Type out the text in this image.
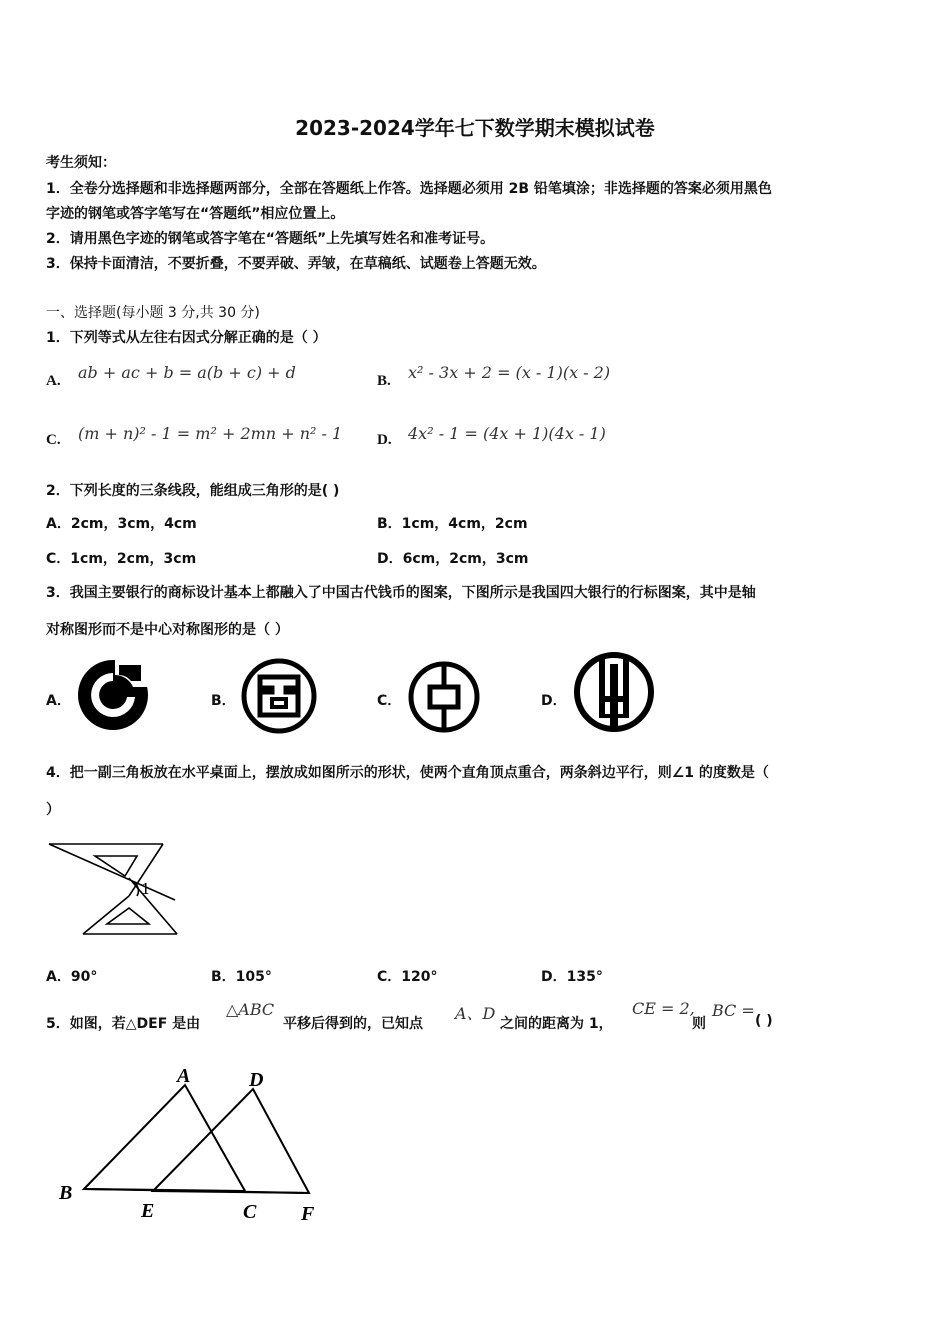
2023-2024学年七下数学期末模拟试卷
考生须知：
1．全卷分选择题和非选择题两部分，全部在答题纸上作答。选择题必须用 2B 铅笔填涂；非选择题的答案必须用黑色
字迹的钢笔或答字笔写在“答题纸”相应位置上。
2．请用黑色字迹的钢笔或答字笔在“答题纸”上先填写姓名和准考证号。
3．保持卡面清洁，不要折叠，不要弄破、弄皱，在草稿纸、试题卷上答题无效。
一、选择题(每小题 3 分,共 30 分)
1．下列等式从左往右因式分解正确的是（ ）
A. ab + ac + b = a(b + c) + d	B. x² - 3x + 2 = (x - 1)(x - 2)
C. (m + n)² - 1 = m² + 2mn + n² - 1 D. 4x² - 1 = (4x + 1)(4x - 1)
2．下列长度的三条线段，能组成三角形的是( )
A．2cm，3cm，4cm	B．1cm，4cm，2cm
C．1cm，2cm，3cm	D．6cm，2cm，3cm
3．我国主要银行的商标设计基本上都融入了中国古代钱币的图案，下图所示是我国四大银行的行标图案，其中是轴
对称图形而不是中心对称图形的是（ ）
A．	B．	C．	D．
4．把一副三角板放在水平桌面上，摆放成如图所示的形状，使两个直角顶点重合，两条斜边平行，则∠1 的度数是（
）
1
A．90°	B．105°	C．120°	D．135°
5．如图，若△DEF 是由
△ABC
平移后得到的，已知点
A、D
之间的距离为 1，
CE = 2,
则
BC =
( )
A	D
B
E	C F
